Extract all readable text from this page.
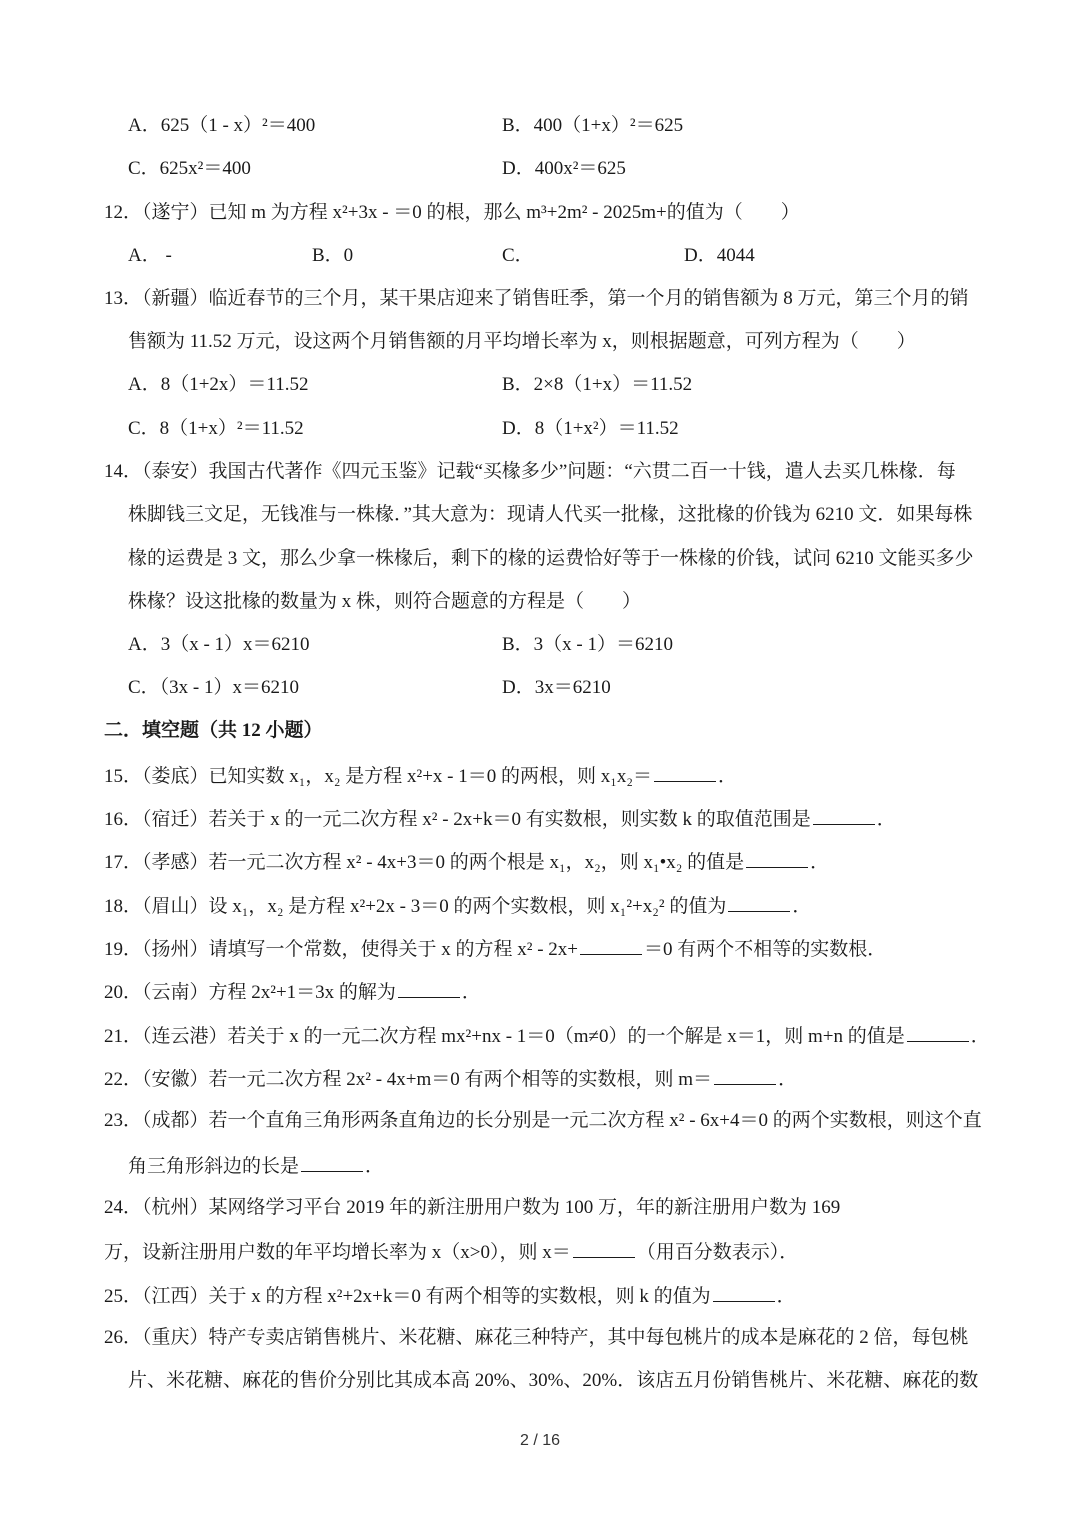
A．625（1 - x）²＝400	B．400（1+x）²＝625
C．625x²＝400	D．400x²＝625
12．（遂宁）已知 m 为方程 x²+3x - ＝0 的根，那么 m³+2m² - 2025m+的值为（　　）
A． -	B．0	C．	D．4044
13．（新疆）临近春节的三个月，某干果店迎来了销售旺季，第一个月的销售额为 8 万元，第三个月的销
售额为 11.52 万元，设这两个月销售额的月平均增长率为 x，则根据题意，可列方程为（　　）
A．8（1+2x）＝11.52	B．2×8（1+x）＝11.52
C．8（1+x）²＝11.52	D．8（1+x²）＝11.52
14．（泰安）我国古代著作《四元玉鉴》记载“买椽多少”问题：“六贯二百一十钱，遣人去买几株椽．每
株脚钱三文足，无钱准与一株椽．”其大意为：现请人代买一批椽，这批椽的价钱为 6210 文．如果每株
椽的运费是 3 文，那么少拿一株椽后，剩下的椽的运费恰好等于一株椽的价钱，试问 6210 文能买多少
株椽？设这批椽的数量为 x 株，则符合题意的方程是（　　）
A．3（x - 1）x＝6210	B．3（x - 1）＝6210
C．（3x - 1）x＝6210	D．3x＝6210
二．填空题（共 12 小题）
15．（娄底）已知实数 x₁，x₂ 是方程 x²+x - 1＝0 的两根，则 x₁x₂＝	．
16．（宿迁）若关于 x 的一元二次方程 x² - 2x+k＝0 有实数根，则实数 k 的取值范围是	．
17．（孝感）若一元二次方程 x² - 4x+3＝0 的两个根是 x₁，x₂，则 x₁•x₂ 的值是	．
18．（眉山）设 x₁，x₂ 是方程 x²+2x - 3＝0 的两个实数根，则 x₁²+x₂² 的值为	．
19．（扬州）请填写一个常数，使得关于 x 的方程 x² - 2x+	＝0 有两个不相等的实数根．
20．（云南）方程 2x²+1＝3x 的解为	．
21．（连云港）若关于 x 的一元二次方程 mx²+nx - 1＝0（m≠0）的一个解是 x＝1，则 m+n 的值是	．
22．（安徽）若一元二次方程 2x² - 4x+m＝0 有两个相等的实数根，则 m＝	．
23．（成都）若一个直角三角形两条直角边的长分别是一元二次方程 x² - 6x+4＝0 的两个实数根，则这个直
角三角形斜边的长是	．
24．（杭州）某网络学习平台 2019 年的新注册用户数为 100 万，年的新注册用户数为 169
万，设新注册用户数的年平均增长率为 x（x>0），则 x＝	（用百分数表示）．
25．（江西）关于 x 的方程 x²+2x+k＝0 有两个相等的实数根，则 k 的值为	．
26．（重庆）特产专卖店销售桃片、米花糖、麻花三种特产，其中每包桃片的成本是麻花的 2 倍，每包桃
片、米花糖、麻花的售价分别比其成本高 20%、30%、20%．该店五月份销售桃片、米花糖、麻花的数
2 / 16
